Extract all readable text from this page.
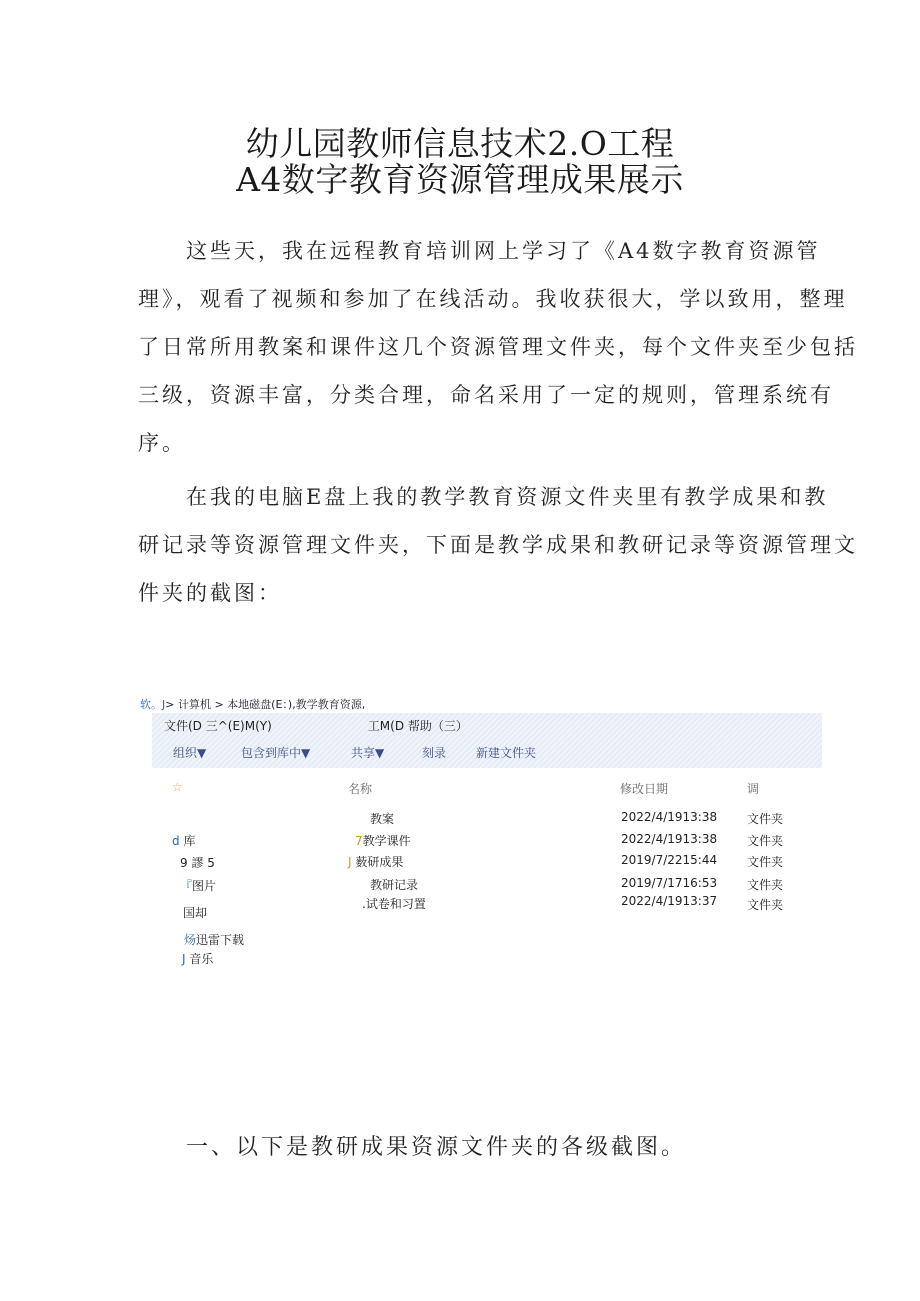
幼儿园教师信息技术2.O工程
A4数字教育资源管理成果展示
这些天，我在远程教育培训网上学习了《A4数字教育资源管
理》，观看了视频和参加了在线活动。我收获很大，学以致用，整理
了日常所用教案和课件这几个资源管理文件夹，每个文件夹至少包括
三级，资源丰富，分类合理，命名采用了一定的规则，管理系统有
序。
在我的电脑E盘上我的教学教育资源文件夹里有教学成果和教
研记录等资源管理文件夹，下面是教学成果和教研记录等资源管理文
件夹的截图：
软。J> 计算机 > 本地磁盘(E：),教学教育资源,
文件(D 三^(E)M(Y)	工M(D 帮助（三）
组织▼	包含到库中▼	共享▼	刻录 新建文件夹
☆	名称	修改日期	调
d 库
9 謬 5
『图片
国却
炀迅雷下载
J 音乐
教案	2022/4/1913:38 文件夹
7教学课件	2022/4/1913:38 文件夹
J 薮研成果	2019/7/2215:44 文件夹
教研记录	2019/7/1716:53 文件夹
.试卷和习置	2022/4/1913:37 文件夹
一、以下是教研成果资源文件夹的各级截图。
